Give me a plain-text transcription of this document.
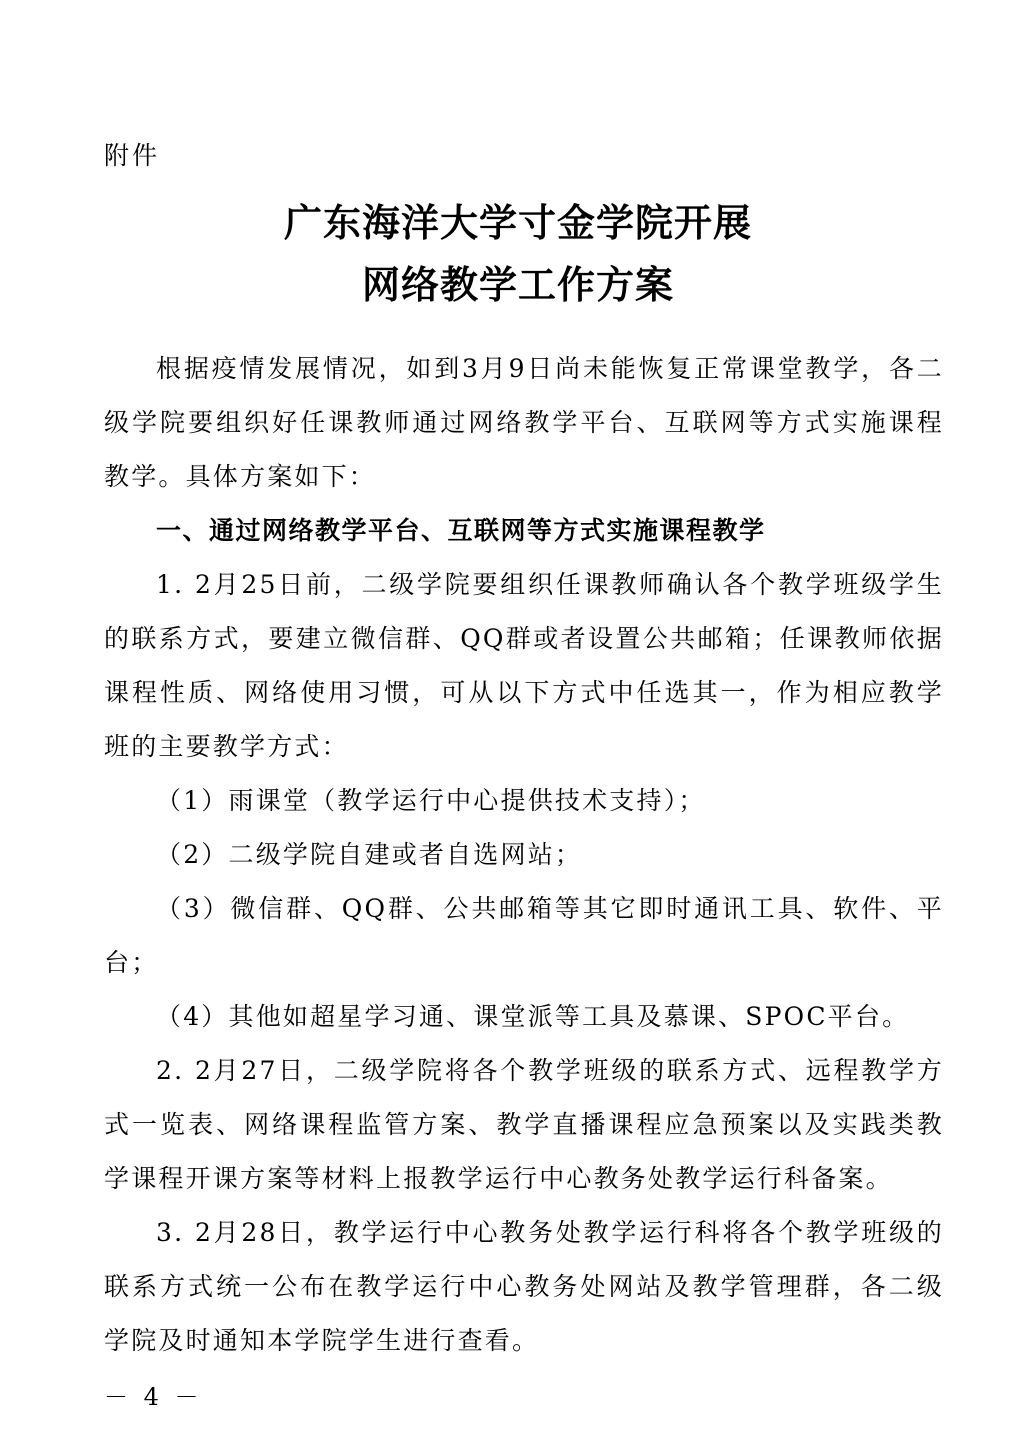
附件
广东海洋大学寸金学院开展
网络教学工作方案

根据疫情发展情况，如到3月9日尚未能恢复正常课堂教学，各二级学院要组织好任课教师通过网络教学平台、互联网等方式实施课程教学。具体方案如下：

一、通过网络教学平台、互联网等方式实施课程教学

1. 2月25日前，二级学院要组织任课教师确认各个教学班级学生的联系方式，要建立微信群、QQ群或者设置公共邮箱；任课教师依据课程性质、网络使用习惯，可从以下方式中任选其一，作为相应教学班的主要教学方式：

（1）雨课堂（教学运行中心提供技术支持）；

（2）二级学院自建或者自选网站；

（3）微信群、QQ群、公共邮箱等其它即时通讯工具、软件、平台；

（4）其他如超星学习通、课堂派等工具及慕课、SPOC平台。

2. 2月27日，二级学院将各个教学班级的联系方式、远程教学方式一览表、网络课程监管方案、教学直播课程应急预案以及实践类教学课程开课方案等材料上报教学运行中心教务处教学运行科备案。

3. 2月28日，教学运行中心教务处教学运行科将各个教学班级的联系方式统一公布在教学运行中心教务处网站及教学管理群，各二级学院及时通知本学院学生进行查看。

－ 4 －
